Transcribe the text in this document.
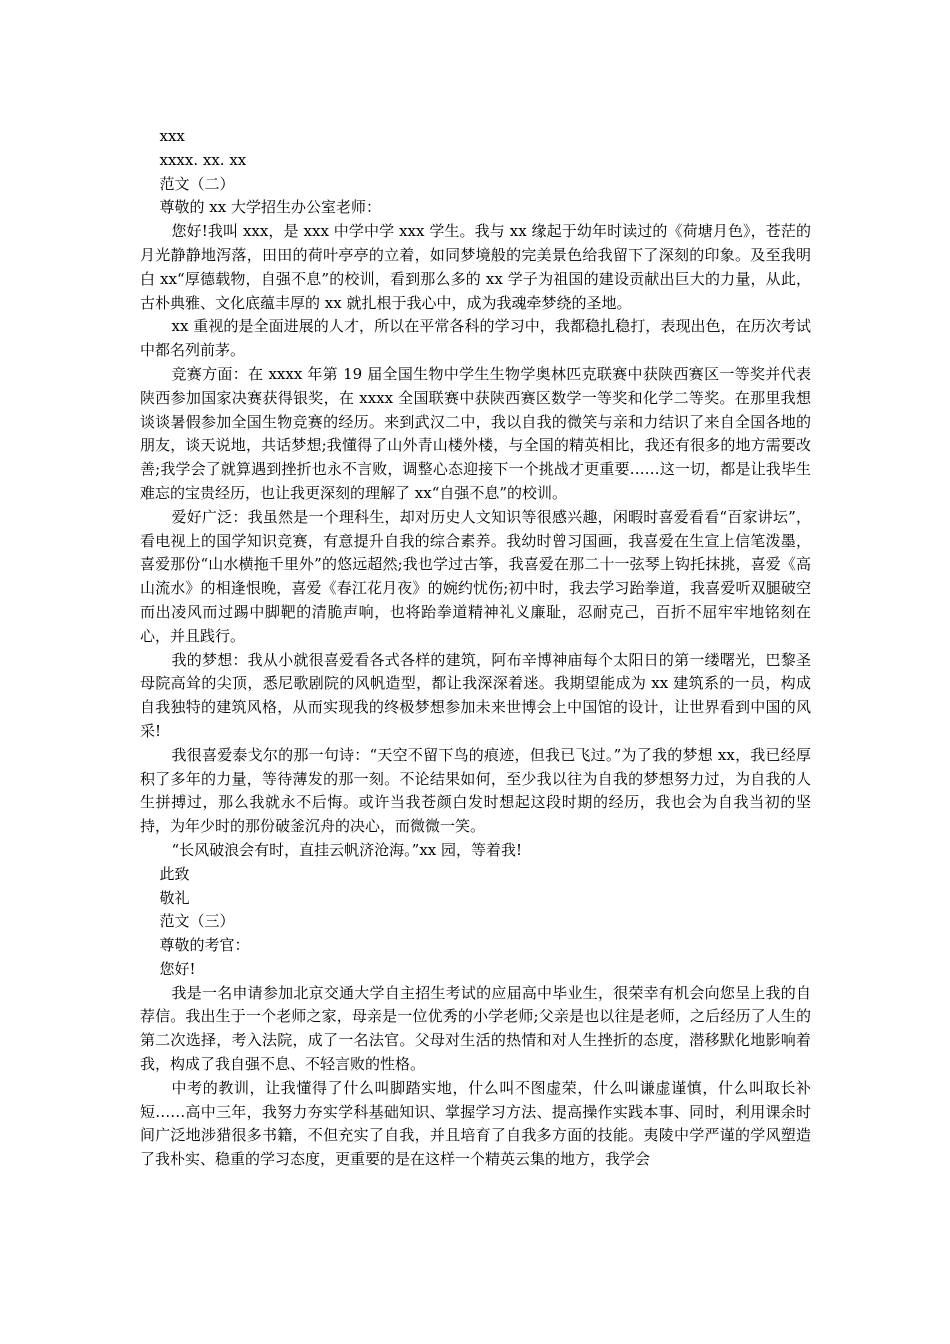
xxx

xxxx. xx. xx

范文（二）

尊敬的 xx 大学招生办公室老师：

您好!我叫 xxx，是 xxx 中学中学 xxx 学生。我与 xx 缘起于幼年时读过的《荷塘月色》，苍茫的月光静静地泻落，田田的荷叶亭亭的立着，如同梦境般的完美景色给我留下了深刻的印象。及至我明白 xx“厚德载物，自强不息”的校训，看到那么多的 xx 学子为祖国的建设贡献出巨大的力量，从此，古朴典雅、文化底蕴丰厚的 xx 就扎根于我心中，成为我魂牵梦绕的圣地。

xx 重视的是全面进展的人才，所以在平常各科的学习中，我都稳扎稳打，表现出色，在历次考试中都名列前茅。

竞赛方面：在 xxxx 年第 19 届全国生物中学生生物学奥林匹克联赛中获陕西赛区一等奖并代表陕西参加国家决赛获得银奖，在 xxxx 全国联赛中获陕西赛区数学一等奖和化学二等奖。在那里我想谈谈暑假参加全国生物竞赛的经历。来到武汉二中，我以自我的微笑与亲和力结识了来自全国各地的朋友，谈天说地，共话梦想;我懂得了山外青山楼外楼，与全国的精英相比，我还有很多的地方需要改善;我学会了就算遇到挫折也永不言败，调整心态迎接下一个挑战才更重要……这一切，都是让我毕生难忘的宝贵经历，也让我更深刻的理解了 xx“自强不息”的校训。

爱好广泛：我虽然是一个理科生，却对历史人文知识等很感兴趣，闲暇时喜爱看看“百家讲坛”，看电视上的国学知识竞赛，有意提升自我的综合素养。我幼时曾习国画，我喜爱在生宣上信笔泼墨，喜爱那份“山水横拖千里外”的悠远超然;我也学过古筝，我喜爱在那二十一弦琴上钩托抹挑，喜爱《高山流水》的相逢恨晚，喜爱《春江花月夜》的婉约忧伤;初中时，我去学习跆拳道，我喜爱听双腿破空而出凌风而过踢中脚靶的清脆声响，也将跆拳道精神礼义廉耻，忍耐克己，百折不屈牢牢地铭刻在心，并且践行。

我的梦想：我从小就很喜爱看各式各样的建筑，阿布辛博神庙每个太阳日的第一缕曙光，巴黎圣母院高耸的尖顶，悉尼歌剧院的风帆造型，都让我深深着迷。我期望能成为 xx 建筑系的一员，构成自我独特的建筑风格，从而实现我的终极梦想参加未来世博会上中国馆的设计，让世界看到中国的风采!

我很喜爱泰戈尔的那一句诗：“天空不留下鸟的痕迹，但我已飞过。”为了我的梦想 xx，我已经厚积了多年的力量，等待薄发的那一刻。不论结果如何，至少我以往为自我的梦想努力过，为自我的人生拼搏过，那么我就永不后悔。或许当我苍颜白发时想起这段时期的经历，我也会为自我当初的坚持，为年少时的那份破釜沉舟的决心，而微微一笑。

“长风破浪会有时，直挂云帆济沧海。”xx 园，等着我!

此致

敬礼

范文（三）

尊敬的考官：

您好!

我是一名申请参加北京交通大学自主招生考试的应届高中毕业生，很荣幸有机会向您呈上我的自荐信。我出生于一个老师之家，母亲是一位优秀的小学老师;父亲是也以往是老师，之后经历了人生的第二次选择，考入法院，成了一名法官。父母对生活的热情和对人生挫折的态度，潜移默化地影响着我，构成了我自强不息、不轻言败的性格。

中考的教训，让我懂得了什么叫脚踏实地，什么叫不图虚荣，什么叫谦虚谨慎，什么叫取长补短……高中三年，我努力夯实学科基础知识、掌握学习方法、提高操作实践本事、同时，利用课余时间广泛地涉猎很多书籍，不但充实了自我，并且培育了自我多方面的技能。夷陵中学严谨的学风塑造了我朴实、稳重的学习态度，更重要的是在这样一个精英云集的地方，我学会
